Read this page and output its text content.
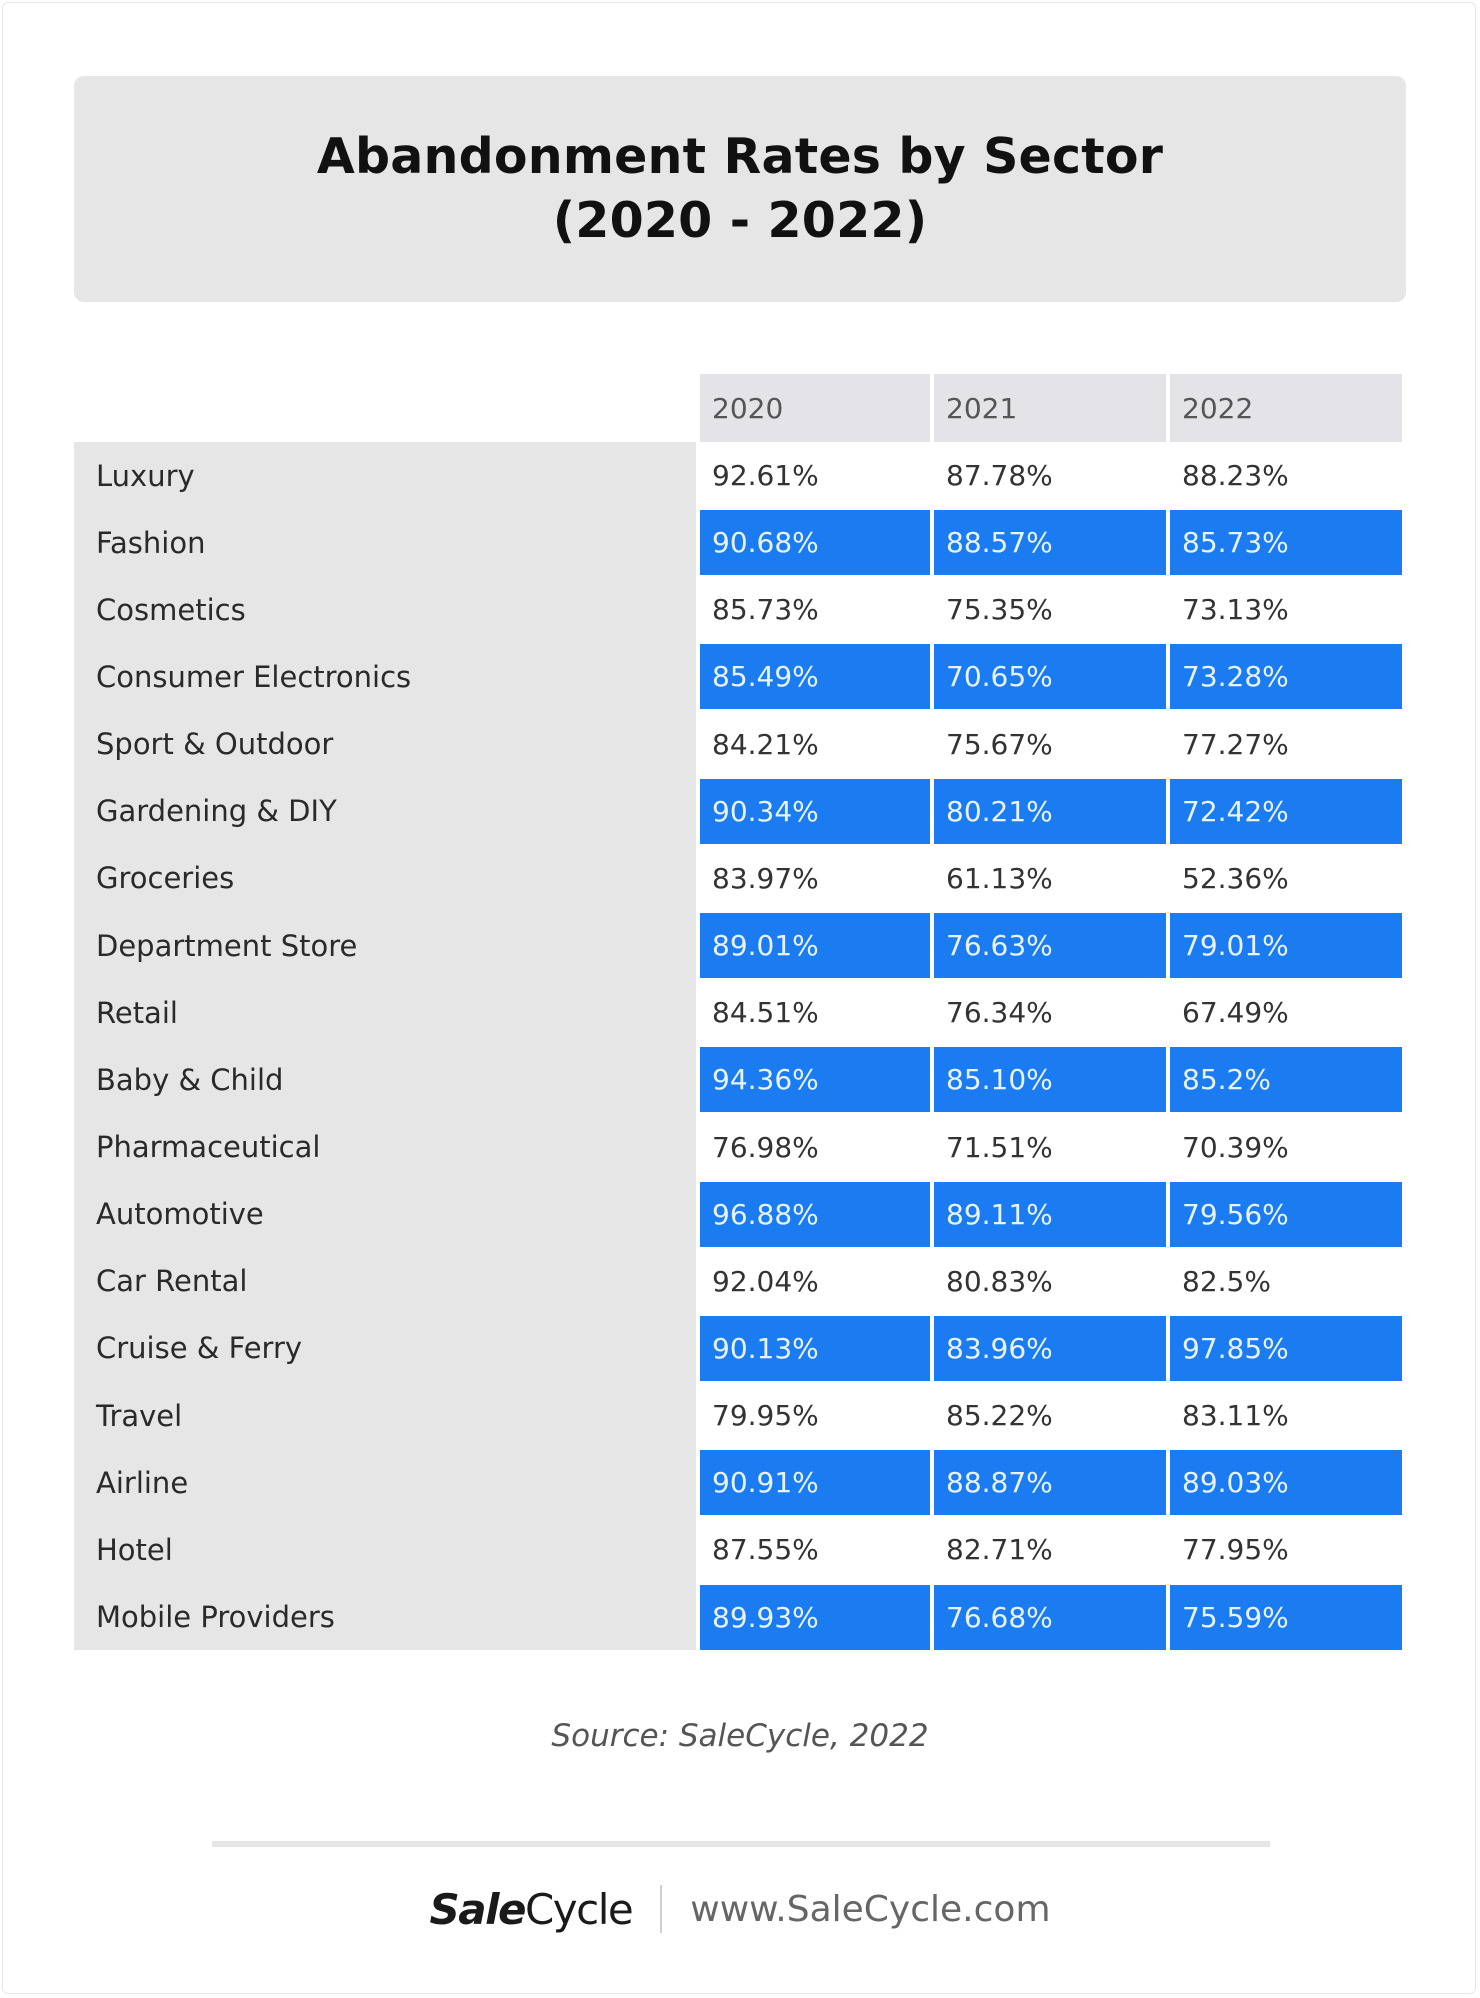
Abandonment Rates by Sector
(2020 - 2022)
2020	2021	2022
Luxury	92.61%	87.78%	88.23%
Fashion	90.68%	88.57%	85.73%
Cosmetics	85.73%	75.35%	73.13%
Consumer Electronics	85.49%	70.65%	73.28%
Sport & Outdoor	84.21%	75.67%	77.27%
Gardening & DIY	90.34%	80.21%	72.42%
Groceries	83.97%	61.13%	52.36%
Department Store	89.01%	76.63%	79.01%
Retail	84.51%	76.34%	67.49%
Baby & Child	94.36%	85.10%	85.2%
Pharmaceutical	76.98%	71.51%	70.39%
Automotive	96.88%	89.11%	79.56%
Car Rental	92.04%	80.83%	82.5%
Cruise & Ferry	90.13%	83.96%	97.85%
Travel	79.95%	85.22%	83.11%
Airline	90.91%	88.87%	89.03%
Hotel	87.55%	82.71%	77.95%
Mobile Providers	89.93%	76.68%	75.59%
Source: SaleCycle, 2022
SaleCycle www.SaleCycle.com
